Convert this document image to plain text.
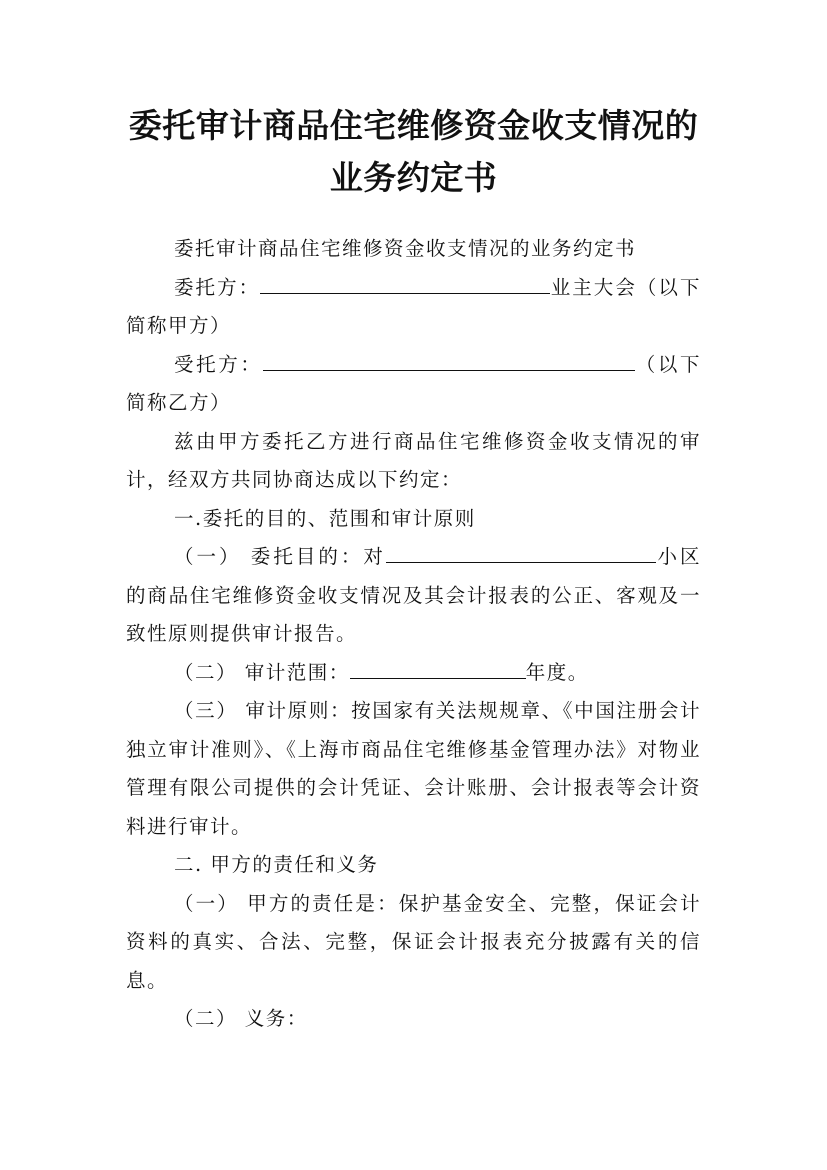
委托审计商品住宅维修资金收支情况的业务约定书

委托审计商品住宅维修资金收支情况的业务约定书

委托方：	业主大会（以下简称甲方）

受托方：	（以下简称乙方）

兹由甲方委托乙方进行商品住宅维修资金收支情况的审计，经双方共同协商达成以下约定：

一.委托的目的、范围和审计原则

（一） 委托目的：对	小区的商品住宅维修资金收支情况及其会计报表的公正、客观及一致性原则提供审计报告。

（二） 审计范围：	年度。

（三） 审计原则：按国家有关法规规章、《中国注册会计独立审计准则》、《上海市商品住宅维修基金管理办法》对物业管理有限公司提供的会计凭证、会计账册、会计报表等会计资料进行审计。

二. 甲方的责任和义务

（一） 甲方的责任是：保护基金安全、完整，保证会计资料的真实、合法、完整，保证会计报表充分披露有关的信息。

（二） 义务：
